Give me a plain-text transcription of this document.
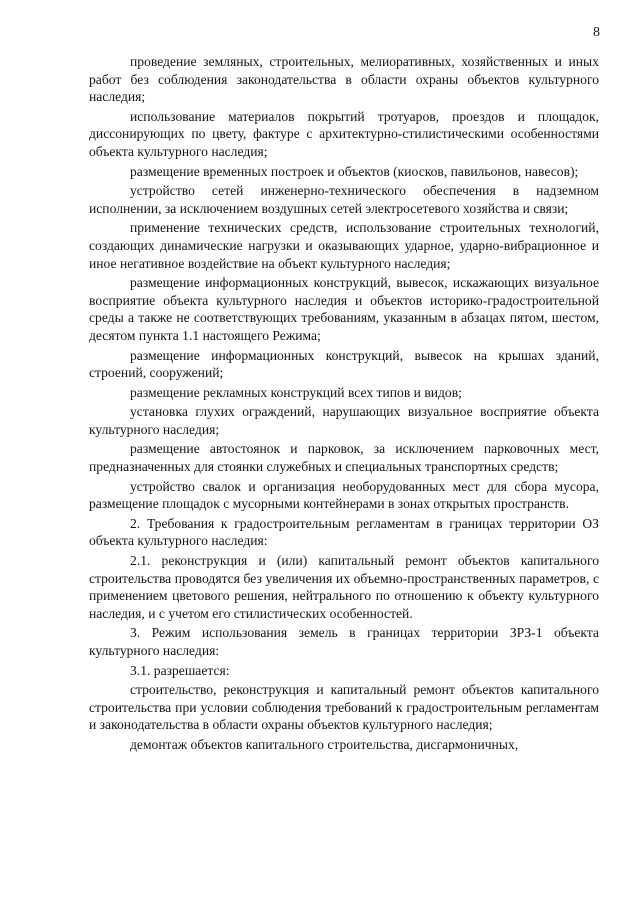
8

проведение земляных, строительных, мелиоративных, хозяйственных и иных работ без соблюдения законодательства в области охраны объектов культурного наследия;

использование материалов покрытий тротуаров, проездов и площадок, диссонирующих по цвету, фактуре с архитектурно-стилистическими особенностями объекта культурного наследия;

размещение временных построек и объектов (киосков, павильонов, навесов);

устройство сетей инженерно-технического обеспечения в надземном исполнении, за исключением воздушных сетей электросетевого хозяйства и связи;

применение технических средств, использование строительных технологий, создающих динамические нагрузки и оказывающих ударное, ударно-вибрационное и иное негативное воздействие на объект культурного наследия;

размещение информационных конструкций, вывесок, искажающих визуальное восприятие объекта культурного наследия и объектов историко-градостроительной среды а также не соответствующих требованиям, указанным в абзацах пятом, шестом, десятом пункта 1.1 настоящего Режима;

размещение информационных конструкций, вывесок на крышах зданий, строений, сооружений;

размещение рекламных конструкций всех типов и видов;

установка глухих ограждений, нарушающих визуальное восприятие объекта культурного наследия;

размещение автостоянок и парковок, за исключением парковочных мест, предназначенных для стоянки служебных и специальных транспортных средств;

устройство свалок и организация необорудованных мест для сбора мусора, размещение площадок с мусорными контейнерами в зонах открытых пространств.

2. Требования к градостроительным регламентам в границах территории ОЗ объекта культурного наследия:

2.1. реконструкция и (или) капитальный ремонт объектов капитального строительства проводятся без увеличения их объемно-пространственных параметров, с применением цветового решения, нейтрального по отношению к объекту культурного наследия, и с учетом его стилистических особенностей.

3. Режим использования земель в границах территории ЗРЗ-1 объекта культурного наследия:

3.1. разрешается:

строительство, реконструкция и капитальный ремонт объектов капитального строительства при условии соблюдения требований к градостроительным регламентам и законодательства в области охраны объектов культурного наследия;

демонтаж объектов капитального строительства, дисгармоничных,
